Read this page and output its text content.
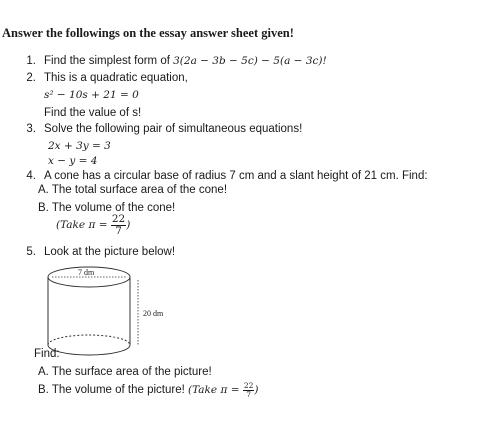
Answer the followings on the essay answer sheet given!
1. Find the simplest form of 3(2a − 3b − 5c) − 5(a − 3c)!
2. This is a quadratic equation,
s² − 10s + 21 = 0
Find the value of s!
3. Solve the following pair of simultaneous equations!
2x + 3y = 3
x − y = 4
4. A cone has a circular base of radius 7 cm and a slant height of 21 cm. Find:
A. The total surface area of the cone!
B. The volume of the cone!
(Take $\pi = \frac{22}{7}$ )
5. Look at the picture below!
7 dm
20 dm
Find:
A. The surface area of the picture!
B. The volume of the picture! (Take $\pi = \frac{22}{7}$ )
